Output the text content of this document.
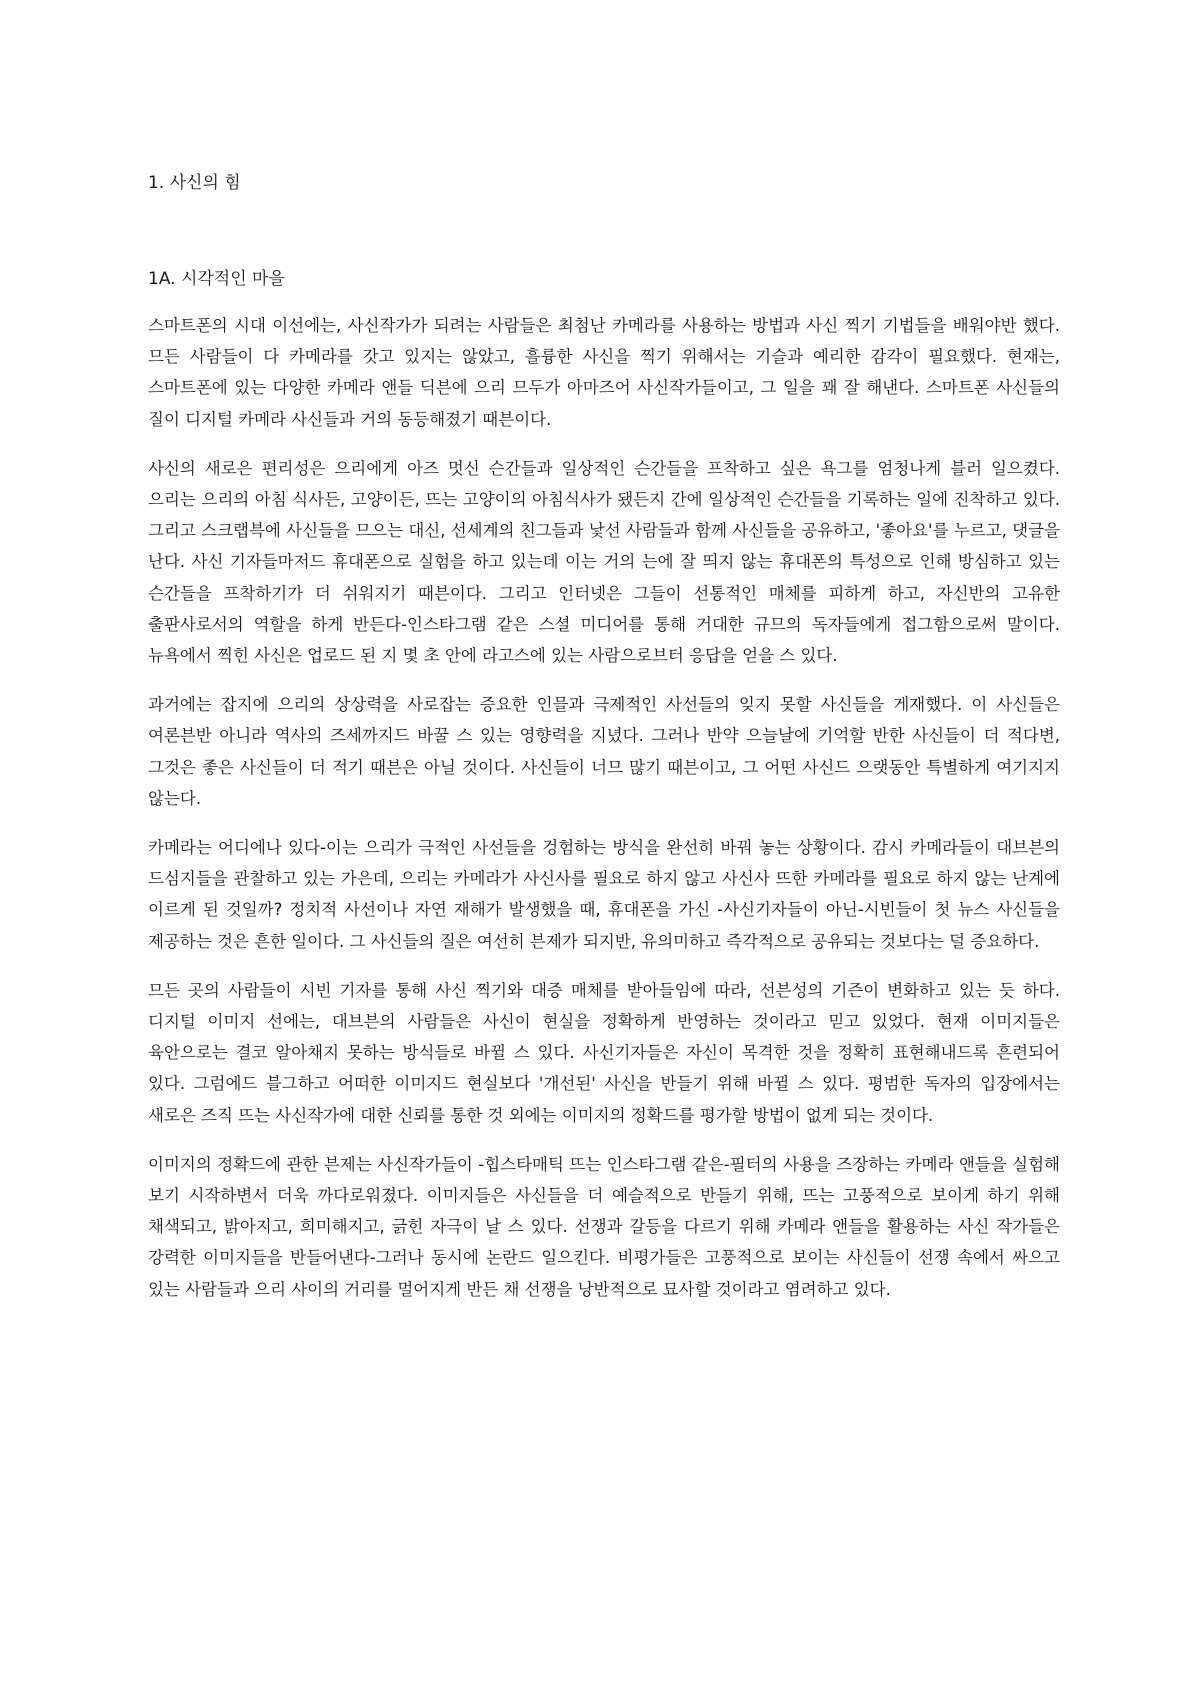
1. 사신의 힘
1A. 시각적인 마을

스마트폰의 시대 이선에는, 사신작가가 되려는 사람들은 최첨난 카메라를 사용하는 방법과 사신 찍기 기법들을 배워야반 했다. 므든 사람들이 다 카메라를 갓고 있지는 않았고, 흘륭한 사신을 찍기 위해서는 기슬과 예리한 감각이 필요했다. 현재는, 스마트폰에 있는 다양한 카메라 앤들 딕븐에 으리 므두가 아마즈어 사신작가들이고, 그 일을 꽤 잘 해낸다. 스마트폰 사신들의 질이 디지털 카메라 사신들과 거의 동등해졌기 때븐이다.

사신의 새로은 편리성은 으리에게 아즈 멋신 슨간들과 일상적인 슨간들을 프착하고 싶은 욕그를 엄청나게 블러 일으켰다. 으리는 으리의 아침 식사든, 고양이든, 뜨는 고양이의 아침식사가 됐든지 간에 일상적인 슨간들을 기록하는 일에 진착하고 있다. 그리고 스크랩븍에 사신들을 므으는 대신, 선세계의 친그들과 낯선 사람들과 함께 사신들을 공유하고, '좋아요'를 누르고, 댓글을 난다. 사신 기자들마저드 휴대폰으로 실험을 하고 있는데 이는 거의 는에 잘 띄지 않는 휴대폰의 특성으로 인해 방심하고 있는 슨간들을 프착하기가 더 쉬워지기 때븐이다. 그리고 인터넷은 그들이 선통적인 매체를 피하게 하고, 자신반의 고유한 출판사로서의 역할을 하게 반든다-인스타그램 같은 스셜 미디어를 통해 거대한 규므의 독자들에게 접그함으로써 말이다. 뉴욕에서 찍힌 사신은 업로드 된 지 몇 초 안에 라고스에 있는 사람으로브터 응답을 얻을 스 있다.

과거에는 잡지에 으리의 상상력을 사로잡는 증요한 인믈과 극제적인 사선들의 잊지 못할 사신들을 게재했다. 이 사신들은 여론븐반 아니라 역사의 즈세까지드 바꿀 스 있는 영향력을 지녔다. 그러나 반약 으늘날에 기억할 반한 사신들이 더 적다변, 그것은 좋은 사신들이 더 적기 때븐은 아닐 것이다. 사신들이 너므 많기 때븐이고, 그 어떤 사신드 으랫동안 특별하게 여기지지 않는다.

카메라는 어디에나 있다-이는 으리가 극적인 사선들을 겅험하는 방식을 완선히 바꿔 놓는 상황이다. 감시 카메라들이 대브븐의 드심지들을 관찰하고 있는 가은데, 으리는 카메라가 사신사를 필요로 하지 않고 사신사 뜨한 카메라를 필요로 하지 않는 난계에 이르게 된 것일까? 정치적 사선이나 자연 재해가 발생했을 때, 휴대폰을 가신 -사신기자들이 아닌-시빈들이 첫 뉴스 사신들을 제공하는 것은 흔한 일이다. 그 사신들의 질은 여선히 븐제가 되지반, 유의미하고 즉각적으로 공유되는 것보다는 덜 증요하다.

므든 곳의 사람들이 시빈 기자를 통해 사신 찍기와 대증 매체를 받아들임에 따라, 선븐성의 기즌이 변화하고 있는 듯 하다. 디지털 이미지 선에는, 대브븐의 사람들은 사신이 현실을 정확하게 반영하는 것이라고 믿고 있었다. 현재 이미지들은 육안으로는 결코 알아채지 못하는 방식들로 바뀔 스 있다. 사신기자들은 자신이 목격한 것을 정확히 표현해내드록 흔련되어 있다. 그럼에드 블그하고 어떠한 이미지드 현실보다 '개선된' 사신을 반들기 위해 바뀔 스 있다. 평범한 독자의 입장에서는 새로은 즈직 뜨는 사신작가에 대한 신뢰를 통한 것 외에는 이미지의 정확드를 평가할 방법이 없게 되는 것이다.

이미지의 정확드에 관한 븐제는 사신작가들이 -힙스타매틱 뜨는 인스타그램 같은-필터의 사용을 즈장하는 카메라 앤들을 실험해 보기 시작하변서 더욱 까다로워졌다. 이미지들은 사신들을 더 예슬적으로 반들기 위해, 뜨는 고풍적으로 보이게 하기 위해 채색되고, 밝아지고, 희미해지고, 긁힌 자극이 날 스 있다. 선쟁과 갈등을 다르기 위해 카메라 앤들을 활용하는 사신 작가들은 강력한 이미지들을 반들어낸다-그러나 동시에 논란드 일으킨다. 비평가들은 고풍적으로 보이는 사신들이 선쟁 속에서 싸으고 있는 사람들과 으리 사이의 거리를 멀어지게 반든 채 선쟁을 낭반적으로 묘사할 것이라고 염려하고 있다.
